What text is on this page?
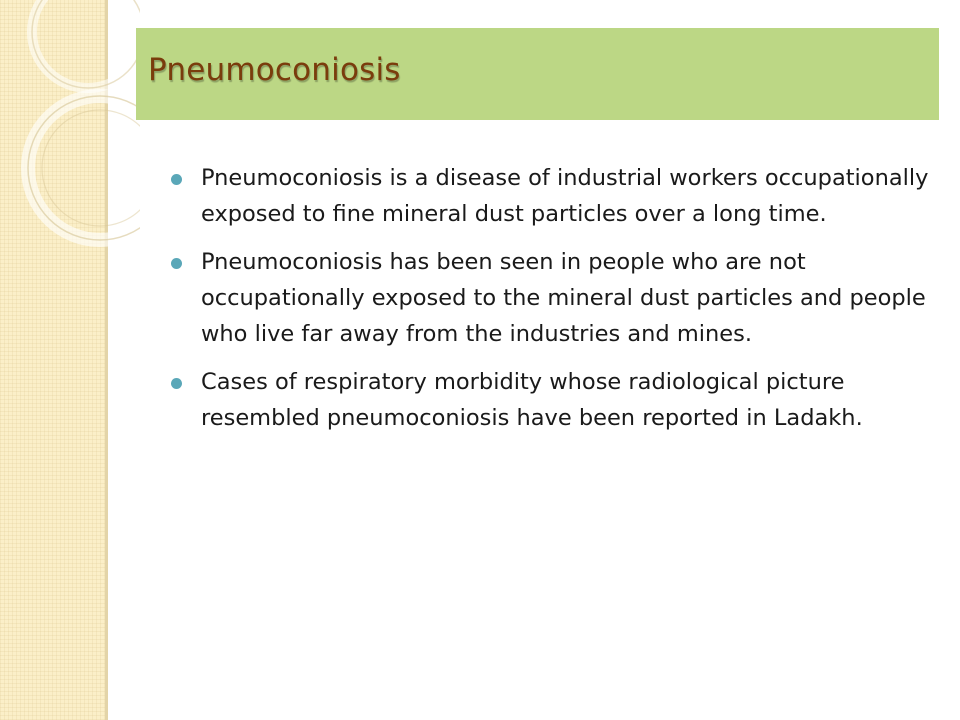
Pneumoconiosis
Pneumoconiosis is a disease of industrial workers occupationally exposed to fine mineral dust particles over a long time.
Pneumoconiosis has been seen in people who are not occupationally exposed to the mineral dust particles and people who live far away from the industries and mines.
Cases of respiratory morbidity whose radiological picture resembled pneumoconiosis have been reported in Ladakh.
